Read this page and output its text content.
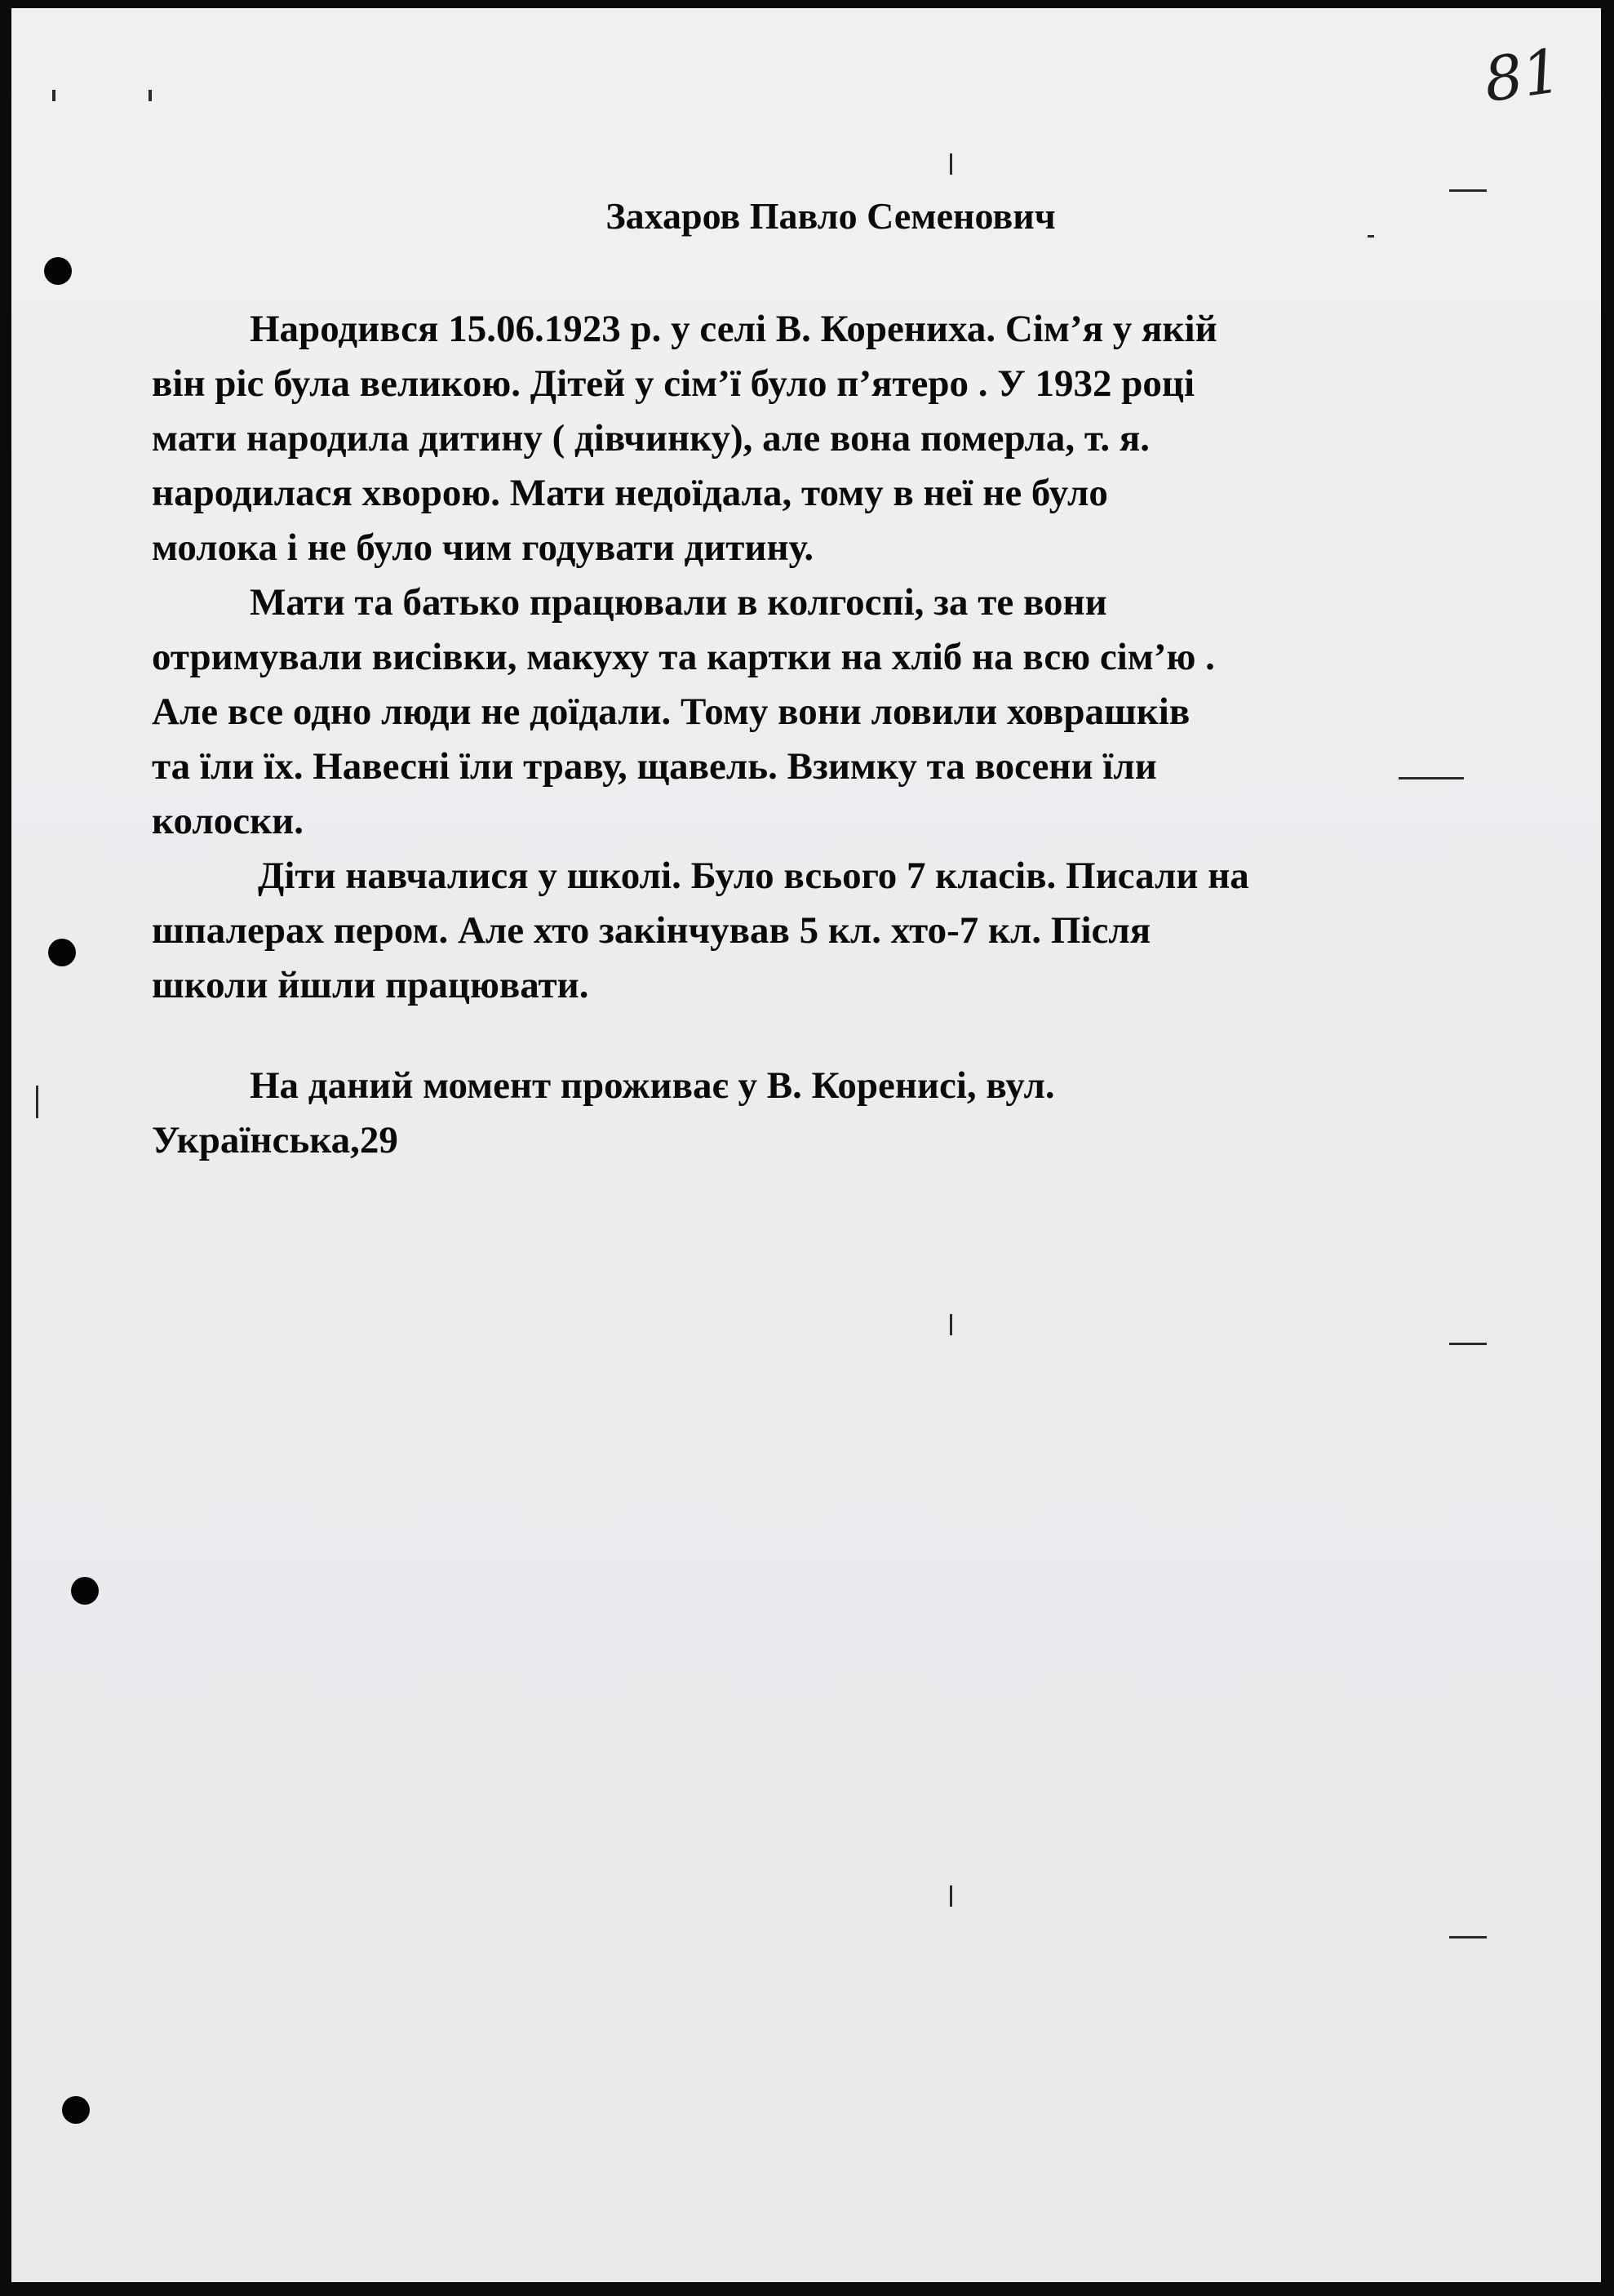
81
Захаров Павло Семенович
Народився 15.06.1923 р. у селі В. Корениха. Сім’я у якій
він ріс була великою. Дітей у сім’ї було п’ятеро . У 1932 році
мати народила дитину ( дівчинку), але вона померла, т. я.
народилася хворою. Мати недоїдала, тому в неї не було
молока і не було чим годувати дитину.
Мати та батько працювали в колгоспі, за те вони
отримували висівки, макуху та картки на хліб на всю сім’ю .
Але все одно люди не доїдали. Тому вони ловили ховрашків
та їли їх. Навесні їли траву, щавель. Взимку та восени їли
колоски.
Діти навчалися у школі. Було всього 7 класів. Писали на
шпалерах пером. Але хто закінчував 5 кл. хто-7 кл. Після
школи йшли працювати.
На даний момент проживає у В. Коренисі, вул.
Українська,29
